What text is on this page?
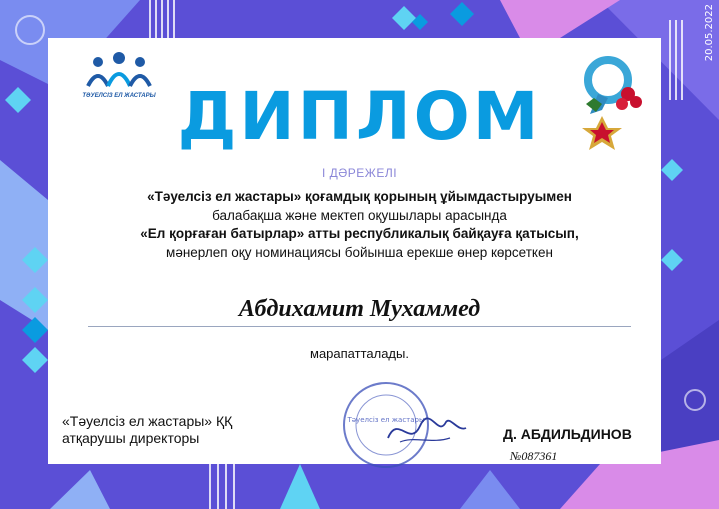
20.05.2022
ТӘУЕЛСІЗ ЕЛ ЖАСТАРЫ ДИПЛОМ
І ДӘРЕЖЕЛІ
«Тәуелсіз ел жастары» қоғамдық қорының ұйымдастыруымен
балабақша және мектеп оқушылары арасында
«Ел қорғаған батырлар» атты республикалық байқауға қатысып,
мәнерлеп оқу номинациясы бойынша ерекше өнер көрсеткен
Абдихамит Мухаммед
марапатталады.
«Тәуелсіз ел жастары» ҚҚ
атқарушы директоры
Тәуелсіз ел жастары
Д. АБДИЛЬДИНОВ
№087361
